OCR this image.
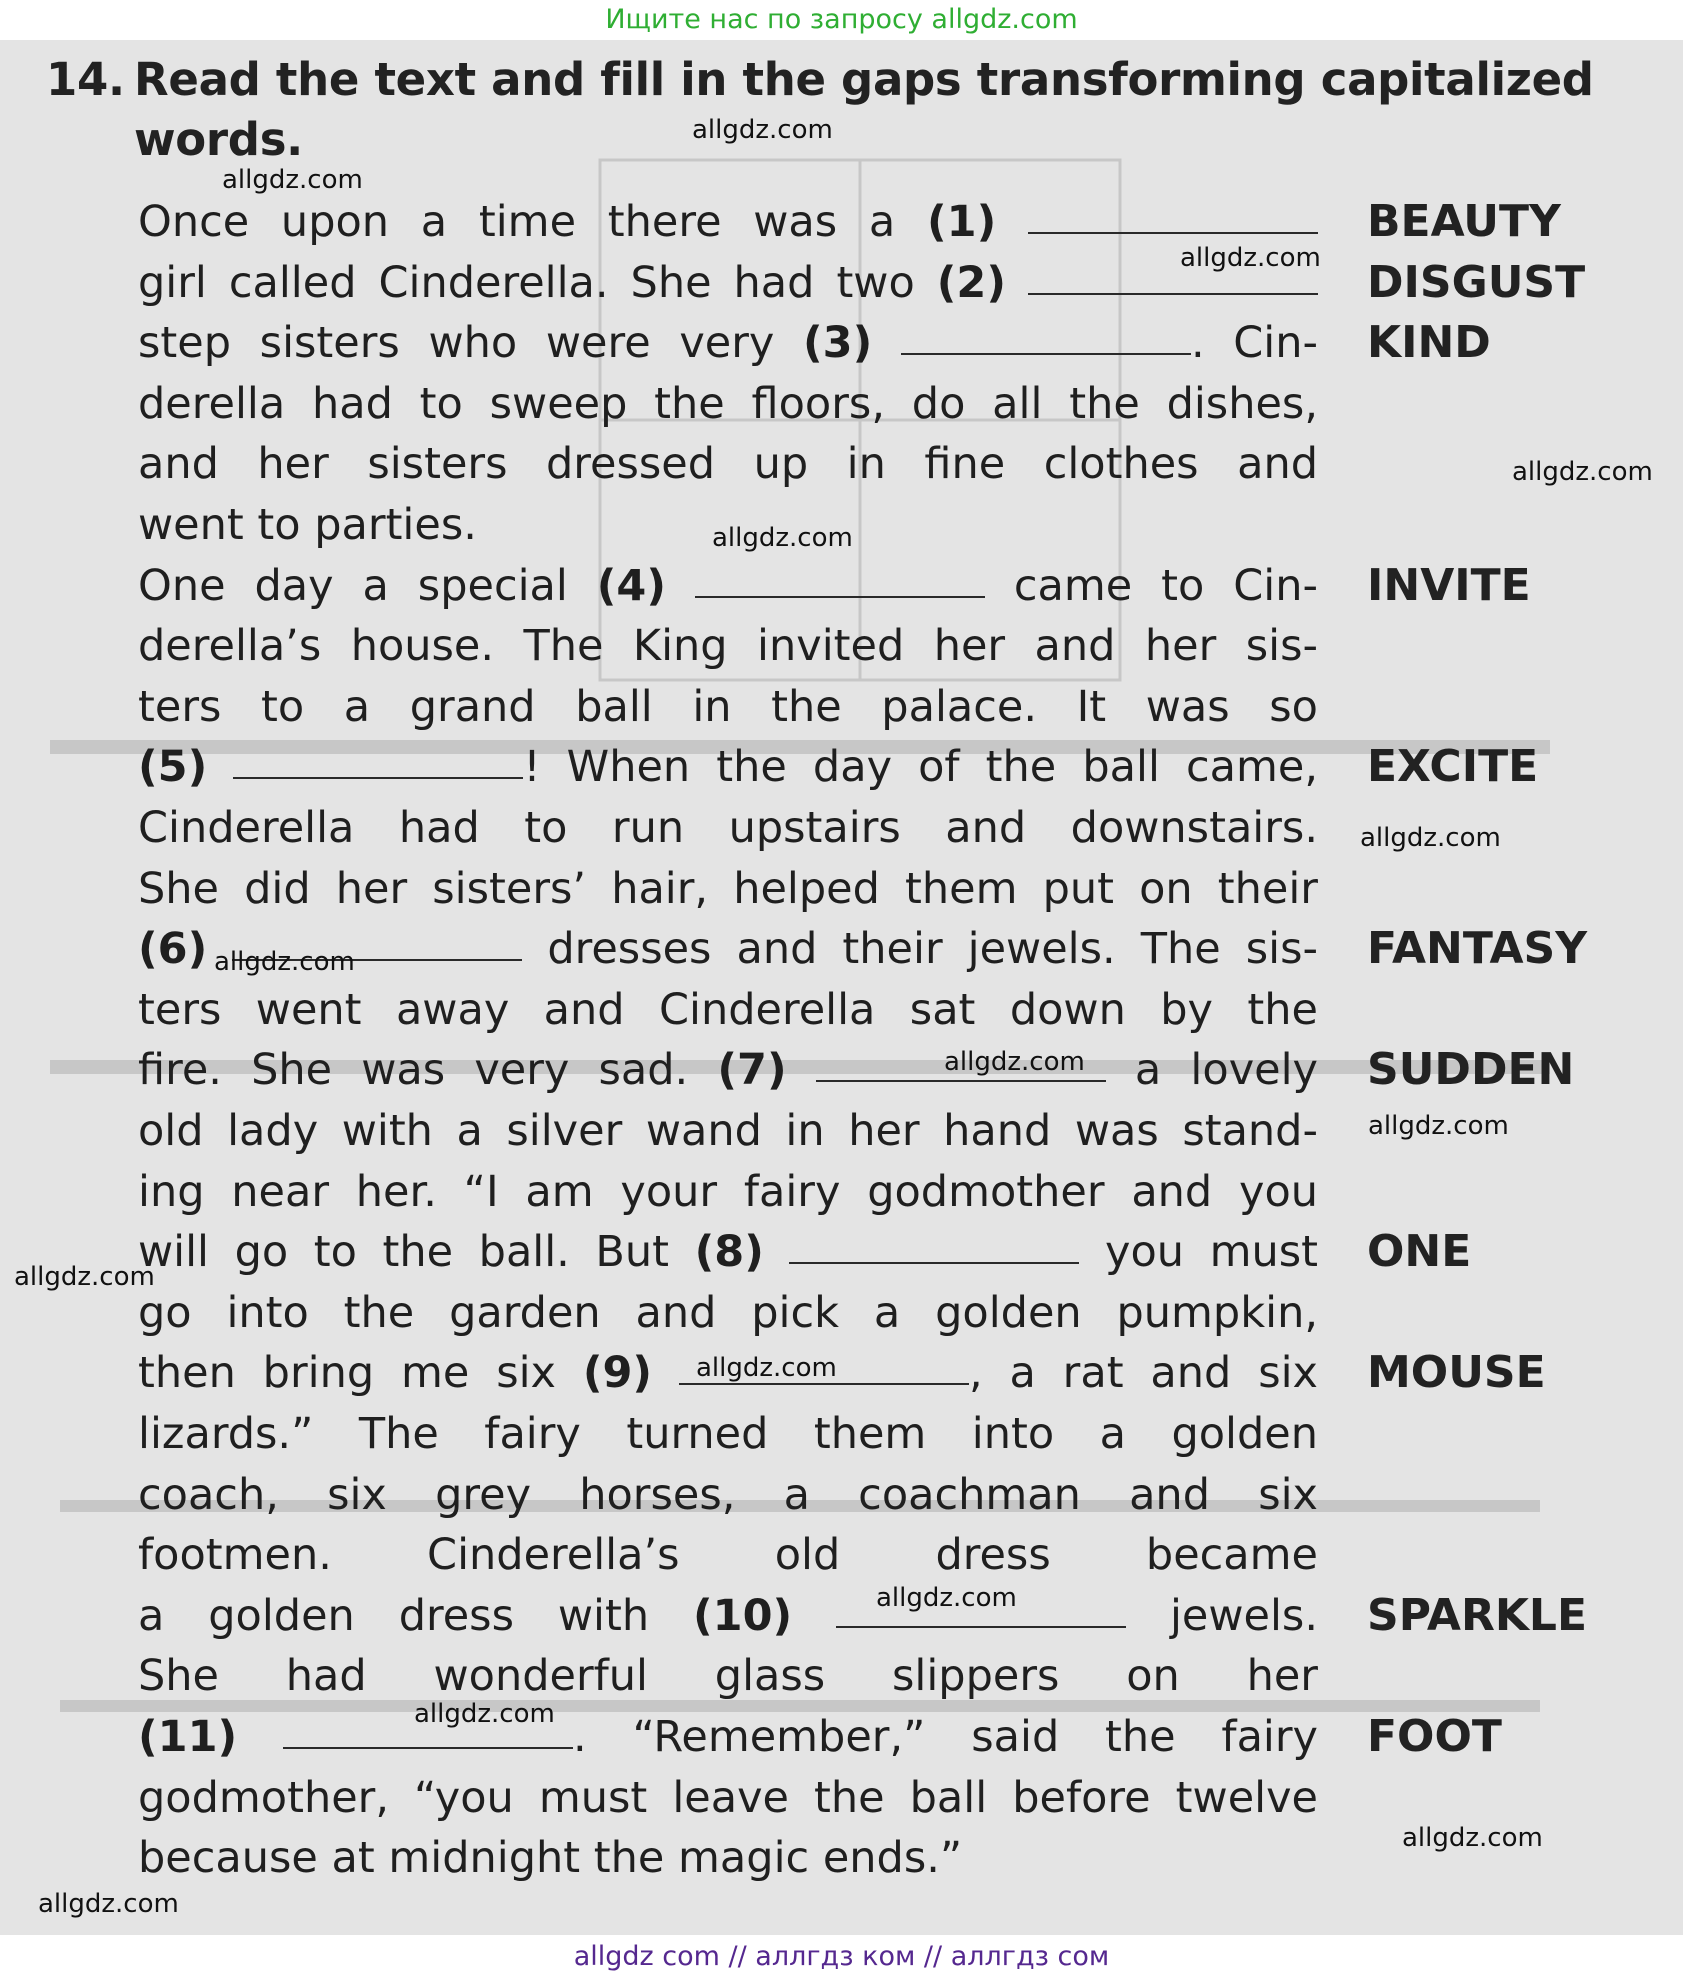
Ищите нас по запросу allgdz.com
14. Read the text and fill in the gaps transforming capitalized
words.
Once upon a time there was a (1)
girl called Cinderella. She had two (2)
step sisters who were very (3)	. Cin-
derella had to sweep the floors, do all the dishes,
and her sisters dressed up in fine clothes and
went to parties.
One day a special (4)	came to Cin-
derella’s house. The King invited her and her sis-
ters to a grand ball in the palace. It was so
(5)	! When the day of the ball came,
Cinderella had to run upstairs and downstairs.
She did her sisters’ hair, helped them put on their
(6)	dresses and their jewels. The sis-
ters went away and Cinderella sat down by the
fire. She was very sad. (7)	a lovely
old lady with a silver wand in her hand was stand-
ing near her. “I am your fairy godmother and you
will go to the ball. But (8)	you must
go into the garden and pick a golden pumpkin,
then bring me six (9)	, a rat and six
lizards.” The fairy turned them into a golden
coach, six grey horses, a coachman and six
footmen. Cinderella’s old dress became
a golden dress with (10)	jewels.
She had wonderful glass slippers on her
(11)	. “Remember,” said the fairy
godmother, “you must leave the ball before twelve
because at midnight the magic ends.”
BEAUTY
DISGUST
KIND
INVITE
EXCITE
FANTASY
SUDDEN
ONE
MOUSE
SPARKLE
FOOT
allgdz com // аллгдз ком // аллгдз сом
allgdz.com
allgdz.com
allgdz.com
allgdz.com
allgdz.com
allgdz.com
allgdz.com
allgdz.com
allgdz.com
allgdz.com
allgdz.com
allgdz.com
allgdz.com
allgdz.com
allgdz.com
